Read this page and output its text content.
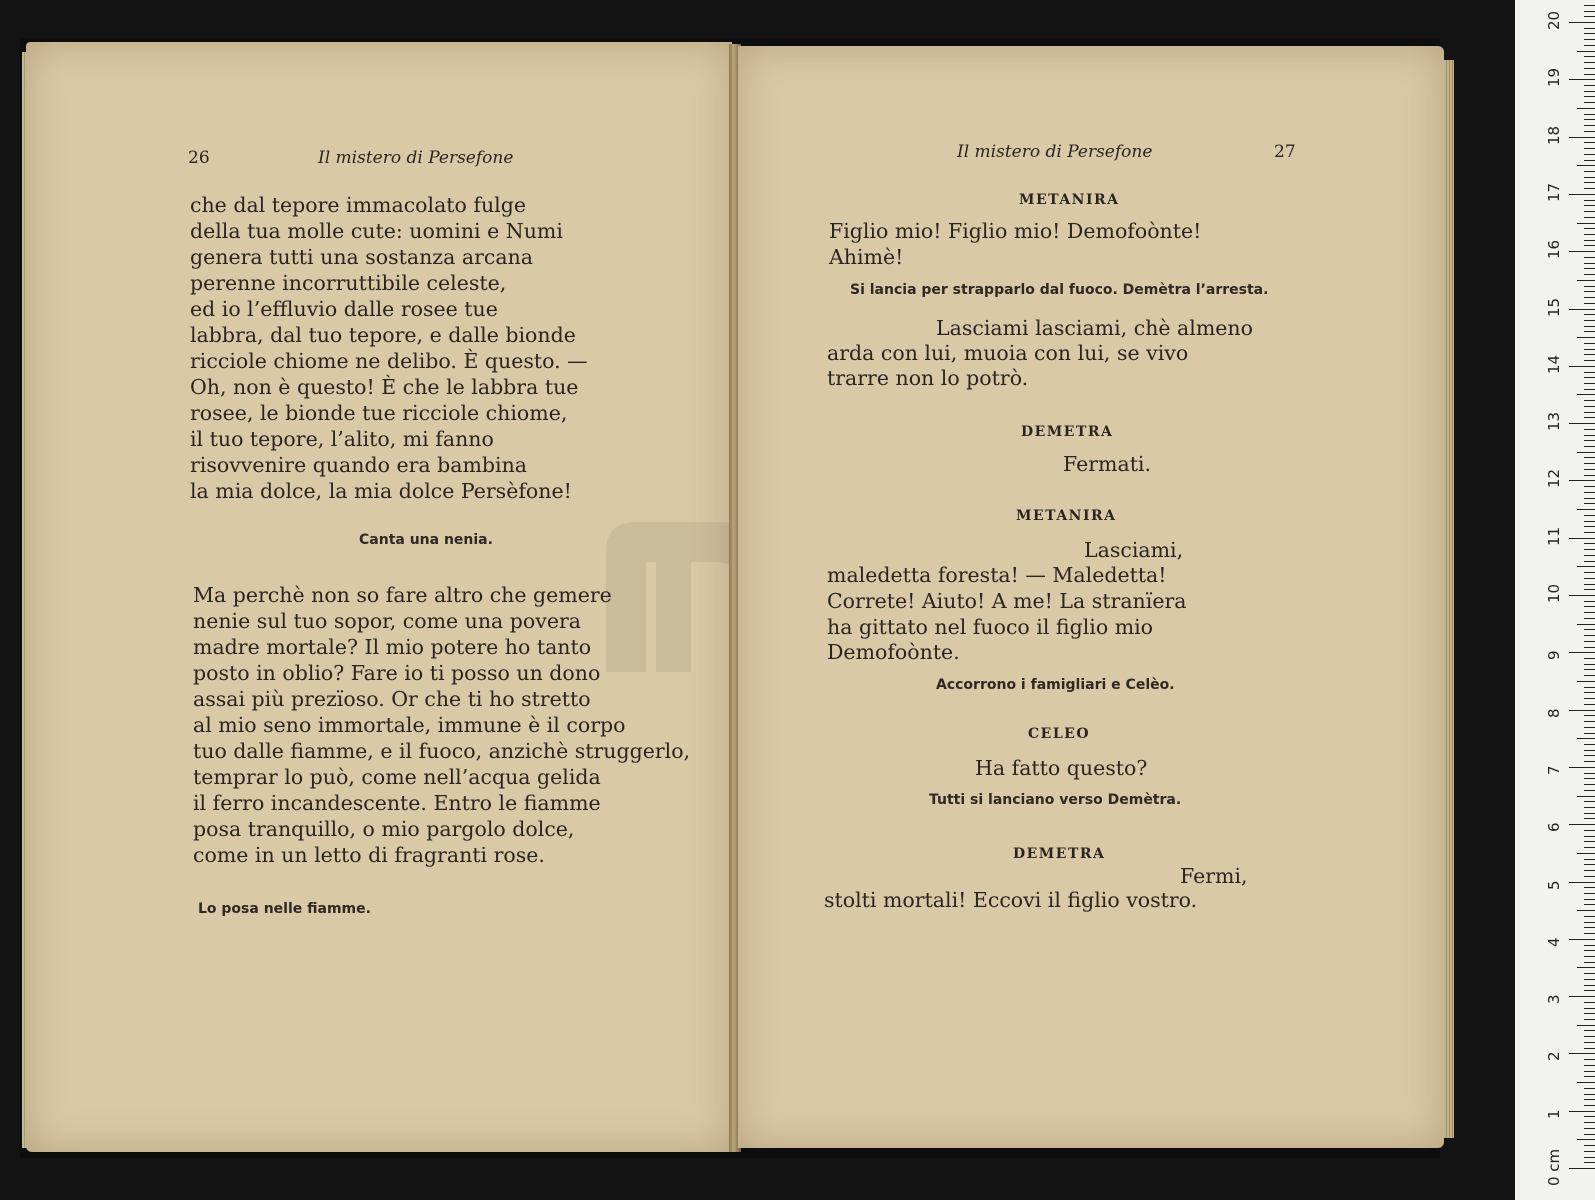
26	Il mistero di Persefone
che dal tepore immacolato fulge
della tua molle cute: uomini e Numi
genera tutti una sostanza arcana
perenne incorruttibile celeste,
ed io l’effluvio dalle rosee tue
labbra, dal tuo tepore, e dalle bionde
ricciole chiome ne delibo. È questo. —
Oh, non è questo! È che le labbra tue
rosee, le bionde tue ricciole chiome,
il tuo tepore, l’alito, mi fanno
risovvenire quando era bambina
la mia dolce, la mia dolce Persèfone!
Canta una nenia.
Ma perchè non so fare altro che gemere
nenie sul tuo sopor, come una povera
madre mortale? Il mio potere ho tanto
posto in oblio? Fare io ti posso un dono
assai più prezïoso. Or che ti ho stretto
al mio seno immortale, immune è il corpo
tuo dalle fiamme, e il fuoco, anzichè struggerlo,
temprar lo può, come nell’acqua gelida
il ferro incandescente. Entro le fiamme
posa tranquillo, o mio pargolo dolce,
come in un letto di fragranti rose.
Lo posa nelle fiamme.
Il mistero di Persefone	27
METANIRA
Figlio mio! Figlio mio! Demofoònte!
Ahimè!
Si lancia per strapparlo dal fuoco. Demètra l’arresta.
Lasciami lasciami, chè almeno
arda con lui, muoia con lui, se vivo
trarre non lo potrò.
DEMETRA
Fermati.
METANIRA
Lasciami,
maledetta foresta! — Maledetta!
Correte! Aiuto! A me! La stranïera
ha gittato nel fuoco il figlio mio
Demofoònte.
Accorrono i famigliari e Celèo.
CELEO
Ha fatto questo?
Tutti si lanciano verso Demètra.
DEMETRA
Fermi,
stolti mortali! Eccovi il figlio vostro.
0 cm
1
2
3
4
5
6
7
8
9
10
11
12
13
14
15
16
17
18
19
20
